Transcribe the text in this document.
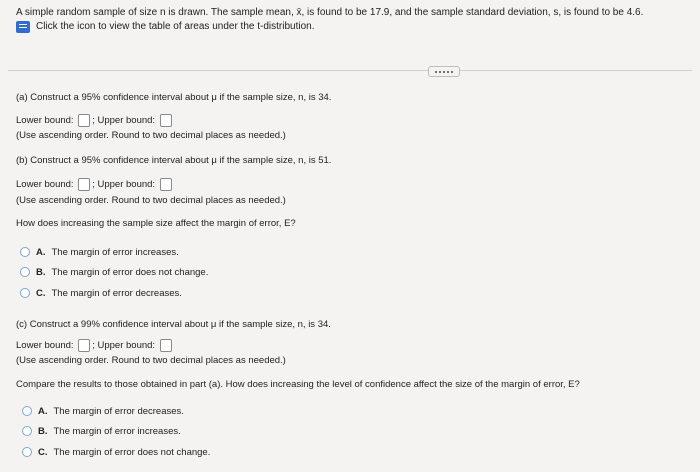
A simple random sample of size n is drawn. The sample mean, x̄, is found to be 17.9, and the sample standard deviation, s, is found to be 4.6.
Click the icon to view the table of areas under the t-distribution.
(a) Construct a 95% confidence interval about μ if the sample size, n, is 34.
Lower bound: ; Upper bound:
(Use ascending order. Round to two decimal places as needed.)
(b) Construct a 95% confidence interval about μ if the sample size, n, is 51.
Lower bound: ; Upper bound:
(Use ascending order. Round to two decimal places as needed.)
How does increasing the sample size affect the margin of error, E?
A. The margin of error increases.
B. The margin of error does not change.
C. The margin of error decreases.
(c) Construct a 99% confidence interval about μ if the sample size, n, is 34.
Lower bound: ; Upper bound:
(Use ascending order. Round to two decimal places as needed.)
Compare the results to those obtained in part (a). How does increasing the level of confidence affect the size of the margin of error, E?
A. The margin of error decreases.
B. The margin of error increases.
C. The margin of error does not change.
